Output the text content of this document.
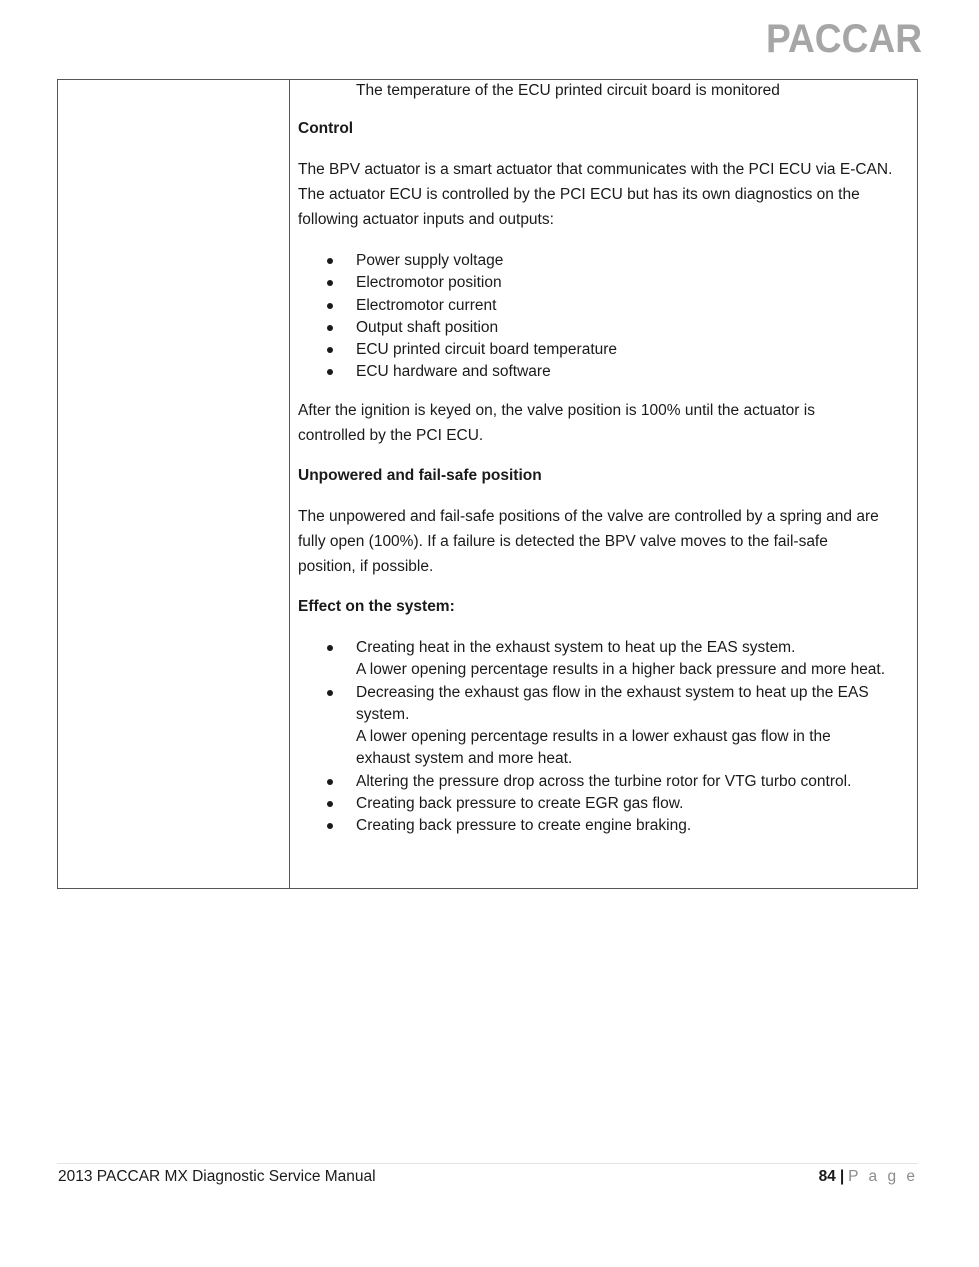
PACCAR
The temperature of the ECU printed circuit board is monitored
Control
The BPV actuator is a smart actuator that communicates with the PCI ECU via E-CAN.
The actuator ECU is controlled by the PCI ECU but has its own diagnostics on the
following actuator inputs and outputs:
Power supply voltage
Electromotor position
Electromotor current
Output shaft position
ECU printed circuit board temperature
ECU hardware and software
After the ignition is keyed on, the valve position is 100% until the actuator is
controlled by the PCI ECU.
Unpowered and fail-safe position
The unpowered and fail-safe positions of the valve are controlled by a spring and are
fully open (100%). If a failure is detected the BPV valve moves to the fail-safe
position, if possible.
Effect on the system:
Creating heat in the exhaust system to heat up the EAS system.
A lower opening percentage results in a higher back pressure and more heat.
Decreasing the exhaust gas flow in the exhaust system to heat up the EAS
system.
A lower opening percentage results in a lower exhaust gas flow in the
exhaust system and more heat.
Altering the pressure drop across the turbine rotor for VTG turbo control.
Creating back pressure to create EGR gas flow.
Creating back pressure to create engine braking.
2013 PACCAR MX Diagnostic Service Manual	84 | P a g e
